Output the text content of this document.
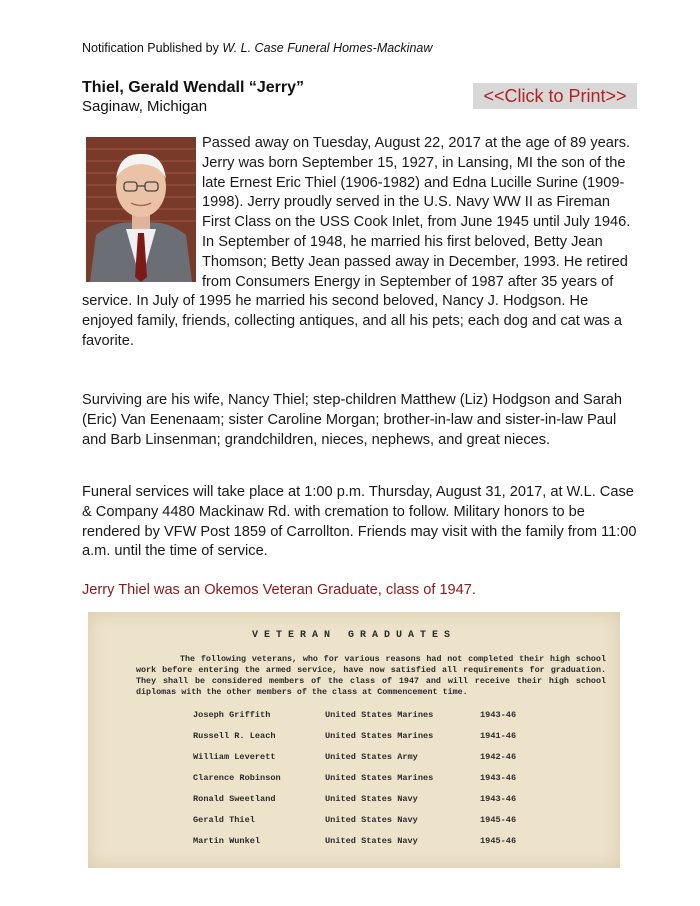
Notification Published by W. L. Case Funeral Homes-Mackinaw
Thiel, Gerald Wendall “Jerry”
Saginaw, Michigan
<<Click to Print>>

Passed away on Tuesday, August 22, 2017 at the age of 89 years. Jerry was born September 15, 1927, in Lansing, MI the son of the late Ernest Eric Thiel (1906-1982) and Edna Lucille Surine (1909-1998). Jerry proudly served in the U.S. Navy WW II as Fireman First Class on the USS Cook Inlet, from June 1945 until July 1946. In September of 1948, he married his first beloved, Betty Jean Thomson; Betty Jean passed away in December, 1993. He retired from Consumers Energy in September of 1987 after 35 years of service. In July of 1995 he married his second beloved, Nancy J. Hodgson. He enjoyed family, friends, collecting antiques, and all his pets; each dog and cat was a favorite.

Surviving are his wife, Nancy Thiel; step-children Matthew (Liz) Hodgson and Sarah (Eric) Van Eenenaam; sister Caroline Morgan; brother-in-law and sister-in-law Paul and Barb Linsenman; grandchildren, nieces, nephews, and great nieces.

Funeral services will take place at 1:00 p.m. Thursday, August 31, 2017, at W.L. Case & Company 4480 Mackinaw Rd. with cremation to follow. Military honors to be rendered by VFW Post 1859 of Carrollton. Friends may visit with the family from 11:00 a.m. until the time of service.

Jerry Thiel was an Okemos Veteran Graduate, class of 1947.
VETERAN GRADUATES
The following veterans, who for various reasons had not completed their high school work before entering the armed service, have now satisfied all requirements for graduation. They shall be considered members of the class of 1947 and will receive their high school diplomas with the other members of the class at Commencement time.
Joseph Griffith	United States Marines	1943-46
Russell R. Leach	United States Marines	1941-46
William Leverett	United States Army	1942-46
Clarence Robinson	United States Marines	1943-46
Ronald Sweetland	United States Navy	1943-46
Gerald Thiel	United States Navy	1945-46
Martin Wunkel	United States Navy	1945-46
